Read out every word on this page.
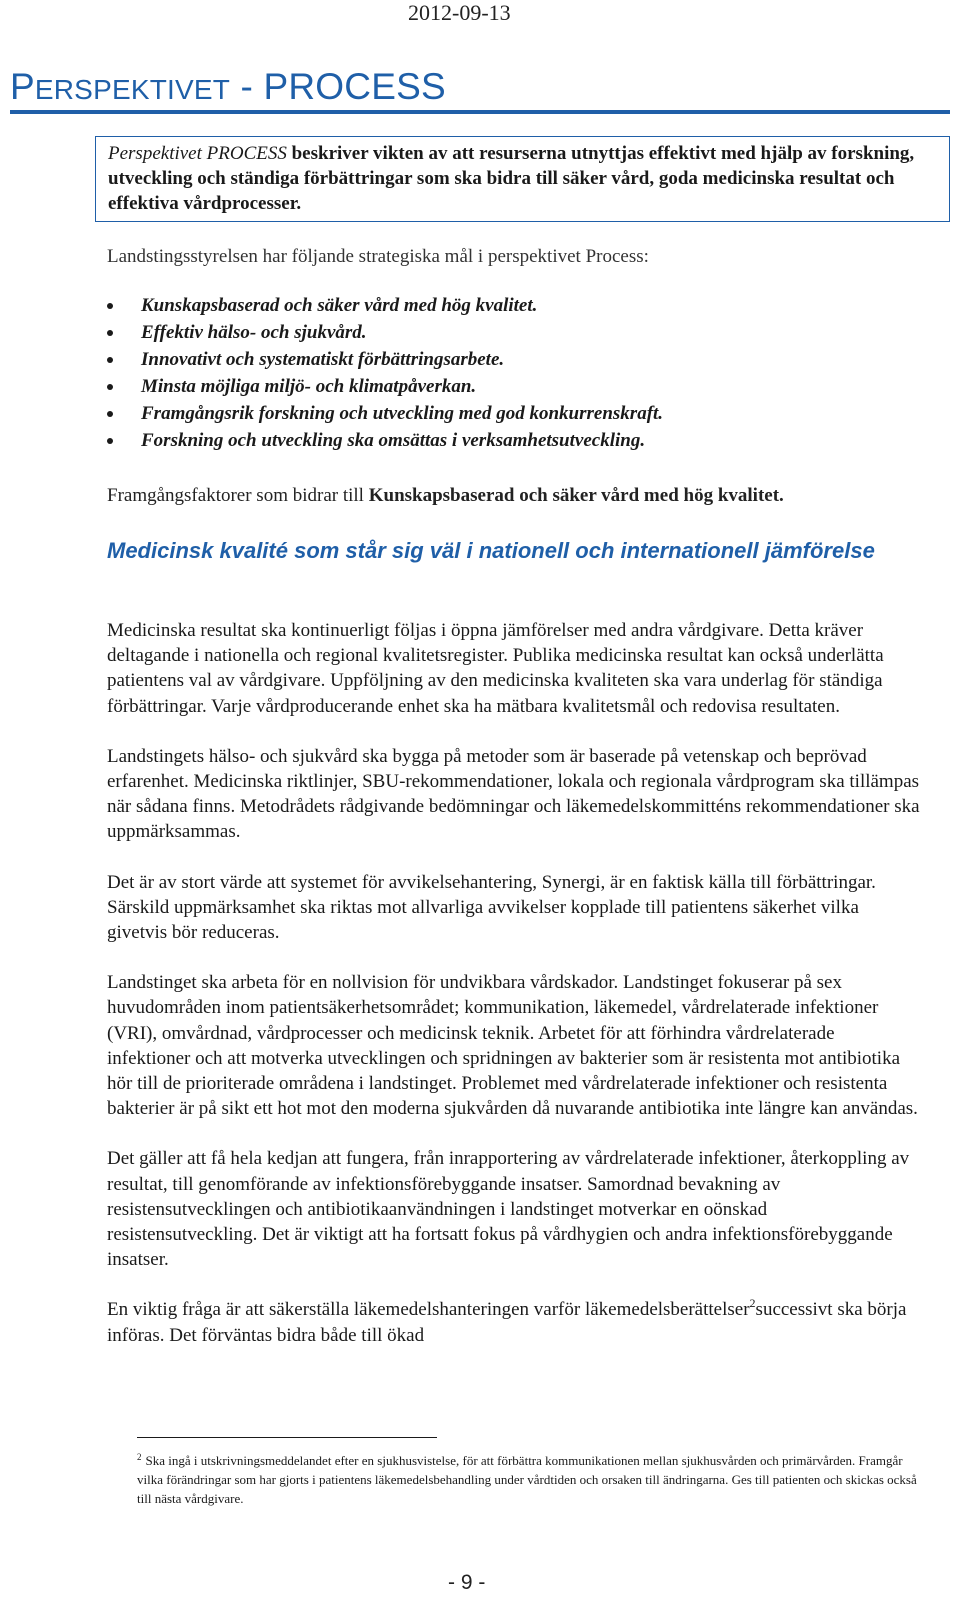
2012-09-13
PERSPEKTIVET - PROCESS
Perspektivet PROCESS beskriver vikten av att resurserna utnyttjas effektivt med hjälp av forskning, utveckling och ständiga förbättringar som ska bidra till säker vård, goda medicinska resultat och effektiva vårdprocesser.
Landstingsstyrelsen har följande strategiska mål i perspektivet Process:
Kunskapsbaserad och säker vård med hög kvalitet.
Effektiv hälso- och sjukvård.
Innovativt och systematiskt förbättringsarbete.
Minsta möjliga miljö- och klimatpåverkan.
Framgångsrik forskning och utveckling med god konkurrenskraft.
Forskning och utveckling ska omsättas i verksamhetsutveckling.
Framgångsfaktorer som bidrar till Kunskapsbaserad och säker vård med hög kvalitet.
Medicinsk kvalité som står sig väl i nationell och internationell jämförelse

Medicinska resultat ska kontinuerligt följas i öppna jämförelser med andra vårdgivare. Detta kräver deltagande i nationella och regional kvalitetsregister. Publika medicinska resultat kan också underlätta patientens val av vårdgivare. Uppföljning av den medicinska kvaliteten ska vara underlag för ständiga förbättringar. Varje vårdproducerande enhet ska ha mätbara kvalitetsmål och redovisa resultaten.

Landstingets hälso- och sjukvård ska bygga på metoder som är baserade på vetenskap och beprövad erfarenhet. Medicinska riktlinjer, SBU-rekommendationer, lokala och regionala vårdprogram ska tillämpas när sådana finns. Metodrådets rådgivande bedömningar och läkemedelskommitténs rekommendationer ska uppmärksammas.

Det är av stort värde att systemet för avvikelsehantering, Synergi, är en faktisk källa till förbättringar. Särskild uppmärksamhet ska riktas mot allvarliga avvikelser kopplade till patientens säkerhet vilka givetvis bör reduceras.

Landstinget ska arbeta för en nollvision för undvikbara vårdskador. Landstinget fokuserar på sex huvudområden inom patientsäkerhetsområdet; kommunikation, läkemedel, vårdrelaterade infektioner (VRI), omvårdnad, vårdprocesser och medicinsk teknik. Arbetet för att förhindra vårdrelaterade infektioner och att motverka utvecklingen och spridningen av bakterier som är resistenta mot antibiotika hör till de prioriterade områdena i landstinget. Problemet med vårdrelaterade infektioner och resistenta bakterier är på sikt ett hot mot den moderna sjukvården då nuvarande antibiotika inte längre kan användas.

Det gäller att få hela kedjan att fungera, från inrapportering av vårdrelaterade infektioner, återkoppling av resultat, till genomförande av infektionsförebyggande insatser. Samordnad bevakning av resistensutvecklingen och antibiotikaanvändningen i landstinget motverkar en oönskad resistensutveckling. Det är viktigt att ha fortsatt fokus på vårdhygien och andra infektionsförebyggande insatser.

En viktig fråga är att säkerställa läkemedelshanteringen varför läkemedelsberättelser$^2$successivt ska börja införas. Det förväntas bidra både till ökad

$^2$ Ska ingå i utskrivningsmeddelandet efter en sjukhusvistelse, för att förbättra kommunikationen mellan sjukhusvården och primärvården. Framgår vilka förändringar som har gjorts i patientens läkemedelsbehandling under vårdtiden och orsaken till ändringarna. Ges till patienten och skickas också till nästa vårdgivare.
- 9 -
